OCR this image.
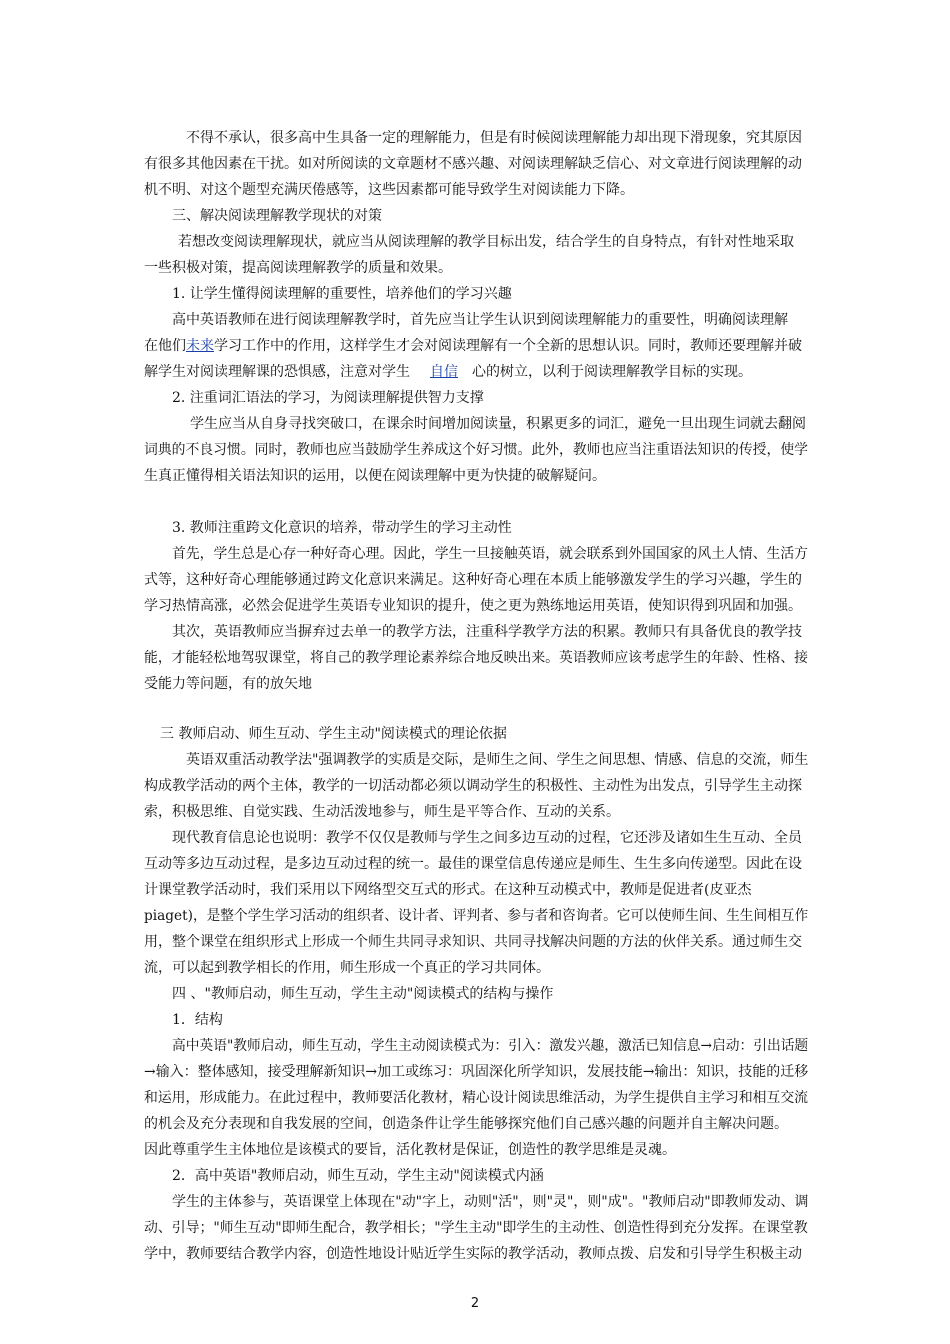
不得不承认，很多高中生具备一定的理解能力，但是有时候阅读理解能力却出现下滑现象，究其原因
有很多其他因素在干扰。如对所阅读的文章题材不感兴趣、对阅读理解缺乏信心、对文章进行阅读理解的动
机不明、对这个题型充满厌倦感等，这些因素都可能导致学生对阅读能力下降。
三、解决阅读理解教学现状的对策
若想改变阅读理解现状，就应当从阅读理解的教学目标出发，结合学生的自身特点，有针对性地采取
一些积极对策，提高阅读理解教学的质量和效果。
1. 让学生懂得阅读理解的重要性，培养他们的学习兴趣
高中英语教师在进行阅读理解教学时，首先应当让学生认识到阅读理解能力的重要性，明确阅读理解
在他们未来学习工作中的作用，这样学生才会对阅读理解有一个全新的思想认识。同时，教师还要理解并破
解学生对阅读理解课的恐惧感，注意对学生 自信 心的树立，以利于阅读理解教学目标的实现。
2. 注重词汇语法的学习，为阅读理解提供智力支撑
学生应当从自身寻找突破口，在课余时间增加阅读量，积累更多的词汇，避免一旦出现生词就去翻阅
词典的不良习惯。同时，教师也应当鼓励学生养成这个好习惯。此外，教师也应当注重语法知识的传授，使学
生真正懂得相关语法知识的运用，以便在阅读理解中更为快捷的破解疑问。
3. 教师注重跨文化意识的培养，带动学生的学习主动性
首先，学生总是心存一种好奇心理。因此，学生一旦接触英语，就会联系到外国国家的风土人情、生活方
式等，这种好奇心理能够通过跨文化意识来满足。这种好奇心理在本质上能够激发学生的学习兴趣，学生的
学习热情高涨，必然会促进学生英语专业知识的提升，使之更为熟练地运用英语，使知识得到巩固和加强。
其次，英语教师应当摒弃过去单一的教学方法，注重科学教学方法的积累。教师只有具备优良的教学技
能，才能轻松地驾驭课堂，将自己的教学理论素养综合地反映出来。英语教师应该考虑学生的年龄、性格、接
受能力等问题，有的放矢地
三 教师启动、师生互动、学生主动"阅读模式的理论依据
英语双重活动教学法"强调教学的实质是交际，是师生之间、学生之间思想、情感、信息的交流，师生
构成教学活动的两个主体，教学的一切活动都必须以调动学生的积极性、主动性为出发点，引导学生主动探
索，积极思维、自觉实践、生动活泼地参与，师生是平等合作、互动的关系。
现代教育信息论也说明：教学不仅仅是教师与学生之间多边互动的过程，它还涉及诸如生生互动、全员
互动等多边互动过程，是多边互动过程的统一。最佳的课堂信息传递应是师生、生生多向传递型。因此在设
计课堂教学活动时，我们采用以下网络型交互式的形式。在这种互动模式中，教师是促进者(皮亚杰
piaget)，是整个学生学习活动的组织者、设计者、评判者、参与者和咨询者。它可以使师生间、生生间相互作
用，整个课堂在组织形式上形成一个师生共同寻求知识、共同寻找解决问题的方法的伙伴关系。通过师生交
流，可以起到教学相长的作用，师生形成一个真正的学习共同体。
四 、"教师启动，师生互动，学生主动"阅读模式的结构与操作
1．结构
高中英语"教师启动，师生互动，学生主动阅读模式为：引入：激发兴趣，激活已知信息→启动：引出话题
→输入：整体感知，接受理解新知识→加工或练习：巩固深化所学知识，发展技能→输出：知识，技能的迁移
和运用，形成能力。在此过程中，教师要活化教材，精心设计阅读思维活动，为学生提供自主学习和相互交流
的机会及充分表现和自我发展的空间，创造条件让学生能够探究他们自己感兴趣的问题并自主解决问题。
因此尊重学生主体地位是该模式的要旨，活化教材是保证，创造性的教学思维是灵魂。
2．高中英语"教师启动，师生互动，学生主动"阅读模式内涵
学生的主体参与，英语课堂上体现在"动"字上，动则"活"，则"灵"，则"成"。"教师启动"即教师发动、调
动、引导；"师生互动"即师生配合，教学相长；"学生主动"即学生的主动性、创造性得到充分发挥。在课堂教
学中，教师要结合教学内容，创造性地设计贴近学生实际的教学活动，教师点拨、启发和引导学生积极主动
2
